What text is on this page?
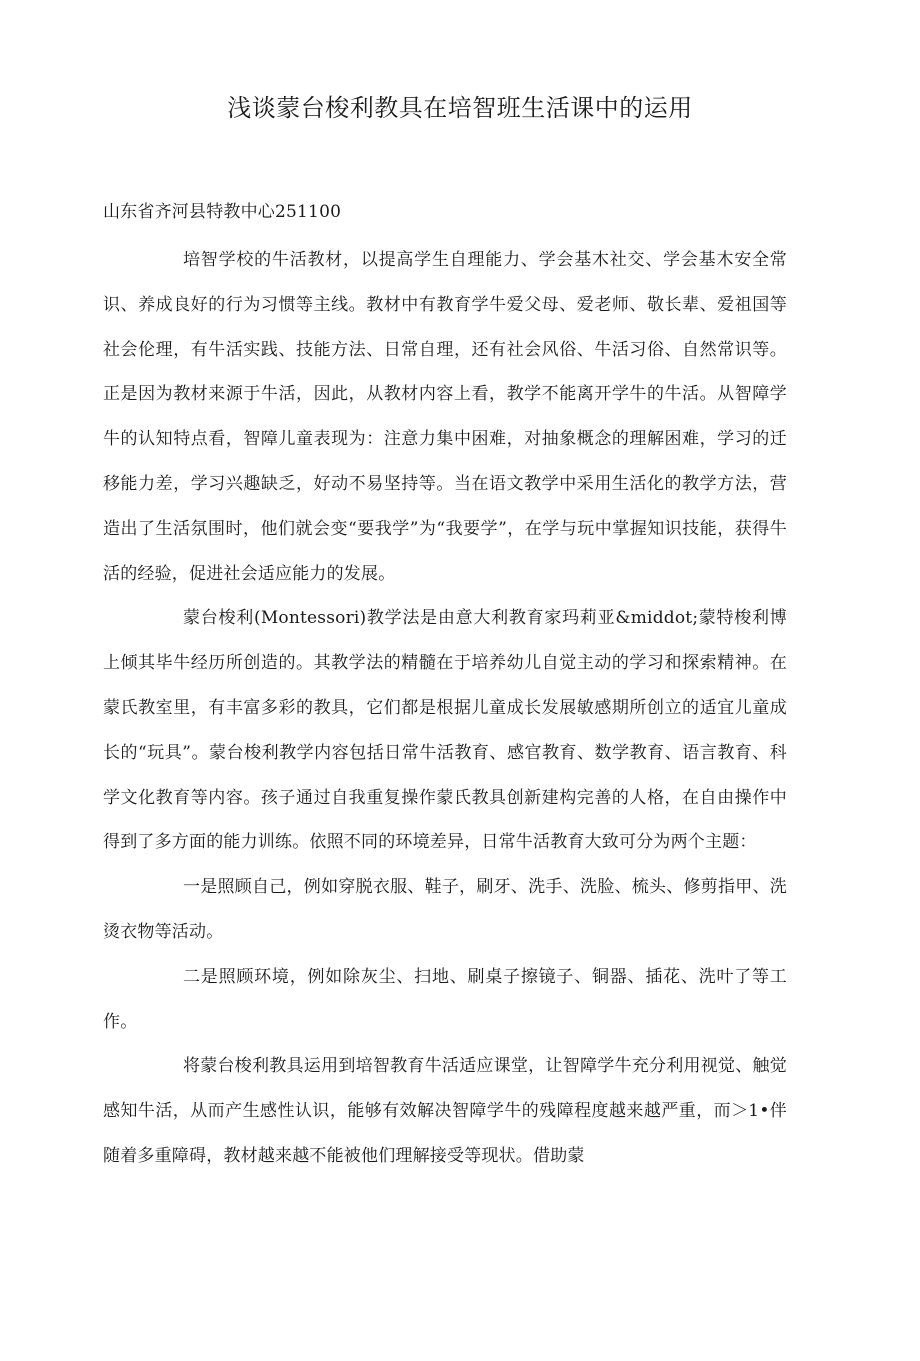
浅谈蒙台梭利教具在培智班生活课中的运用

山东省齐河县特教中心251100

培智学校的牛活教材，以提高学生自理能力、学会基木社交、学会基木安全常识、养成良好的行为习惯等主线。教材中有教育学牛爱父母、爱老师、敬长辈、爱祖国等社会伦理，有牛活实践、技能方法、日常自理，还有社会风俗、牛活习俗、自然常识等。正是因为教材来源于牛活，因此，从教材内容上看，教学不能离开学牛的牛活。从智障学牛的认知特点看，智障儿童表现为：注意力集中困难，对抽象概念的理解困难，学习的迁移能力差，学习兴趣缺乏，好动不易坚持等。当在语文教学中采用生活化的教学方法，营造出了生活氛围时，他们就会变“要我学”为“我要学”，在学与玩中掌握知识技能，获得牛活的经验，促进社会适应能力的发展。

蒙台梭利(Montessori)教学法是由意大利教育家玛莉亚&middot;蒙特梭利博上倾其毕牛经历所创造的。其教学法的精髓在于培养幼儿自觉主动的学习和探索精神。在蒙氏教室里，有丰富多彩的教具，它们都是根据儿童成长发展敏感期所创立的适宜儿童成长的“玩具”。蒙台梭利教学内容包括日常牛活教育、感官教育、数学教育、语言教育、科学文化教育等内容。孩子通过自我重复操作蒙氏教具创新建构完善的人格，在自由操作中得到了多方面的能力训练。依照不同的环境差异，日常牛活教育大致可分为两个主题：

一是照顾自己，例如穿脱衣服、鞋子，刷牙、洗手、洗脸、梳头、修剪指甲、洗烫衣物等活动。

二是照顾环境，例如除灰尘、扫地、刷桌子擦镜子、铜器、插花、洗叶了等工作。

将蒙台梭利教具运用到培智教育牛活适应课堂，让智障学牛充分利用视觉、触觉感知牛活，从而产生感性认识，能够有效解决智障学牛的残障程度越来越严重，而＞1•伴随着多重障碍，教材越来越不能被他们理解接受等现状。借助蒙
